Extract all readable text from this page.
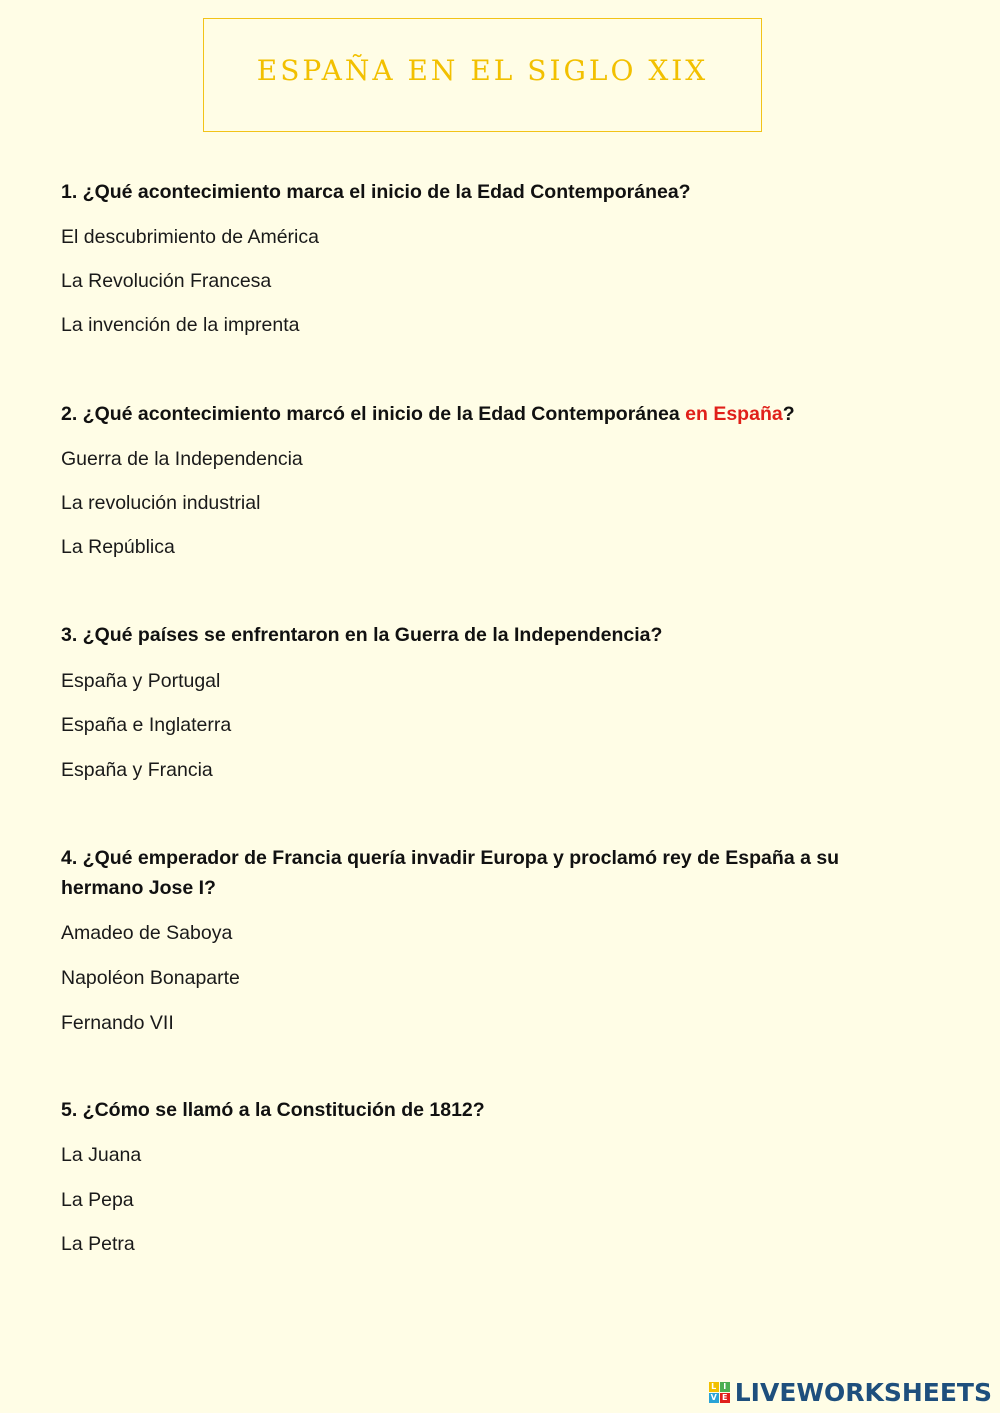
ESPAÑA EN EL SIGLO XIX
1. ¿Qué acontecimiento marca el inicio de la Edad Contemporánea?
El descubrimiento de América
La Revolución Francesa
La invención de la imprenta
2. ¿Qué acontecimiento marcó el inicio de la Edad Contemporánea en España?
Guerra de la Independencia
La revolución industrial
La República
3. ¿Qué países se enfrentaron en la Guerra de la Independencia?
España y Portugal
España e Inglaterra
España y Francia
4. ¿Qué emperador de Francia quería invadir Europa y proclamó rey de España a su
hermano Jose I?
Amadeo de Saboya
Napoléon Bonaparte
Fernando VII
5. ¿Cómo se llamó a la Constitución de 1812?
La Juana
La Pepa
La Petra
L I
V E LIVEWORKSHEETS
